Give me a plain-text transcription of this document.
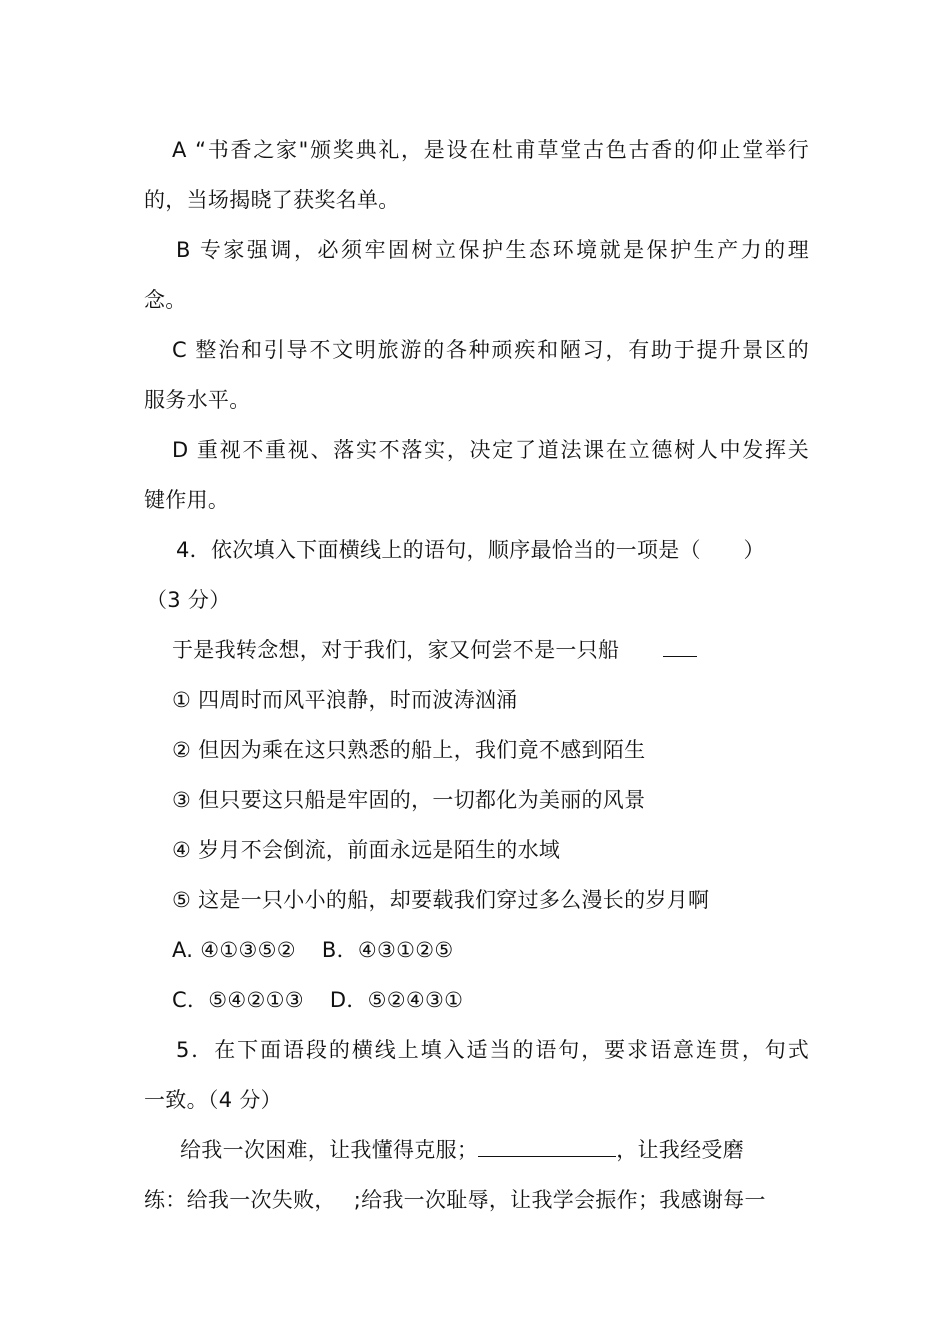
A “书香之家"颁奖典礼，是设在杜甫草堂古色古香的仰止堂举行
的，当场揭晓了获奖名单。
B 专家强调，必须牢固树立保护生态环境就是保护生产力的理
念。
C 整治和引导不文明旅游的各种顽疾和陋习，有助于提升景区的
服务水平。
D 重视不重视、落实不落实，决定了道法课在立德树人中发挥关
键作用。
4．依次填入下面横线上的语句，顺序最恰当的一项是（　　）
（3 分）
于是我转念想，对于我们，家又何尝不是一只船
① 四周时而风平浪静，时而波涛汹涌
② 但因为乘在这只熟悉的船上，我们竟不感到陌生
③ 但只要这只船是牢固的，一切都化为美丽的风景
④ 岁月不会倒流，前面永远是陌生的水域
⑤ 这是一只小小的船，却要载我们穿过多么漫长的岁月啊
A. ④①③⑤② B．④③①②⑤
C．⑤④②①③ D．⑤②④③①
5．在下面语段的横线上填入适当的语句，要求语意连贯，句式
一致。（4 分）
给我一次困难，让我懂得克服；	，让我经受磨
练：给我一次失败， ;给我一次耻辱，让我学会振作；我感谢每一
